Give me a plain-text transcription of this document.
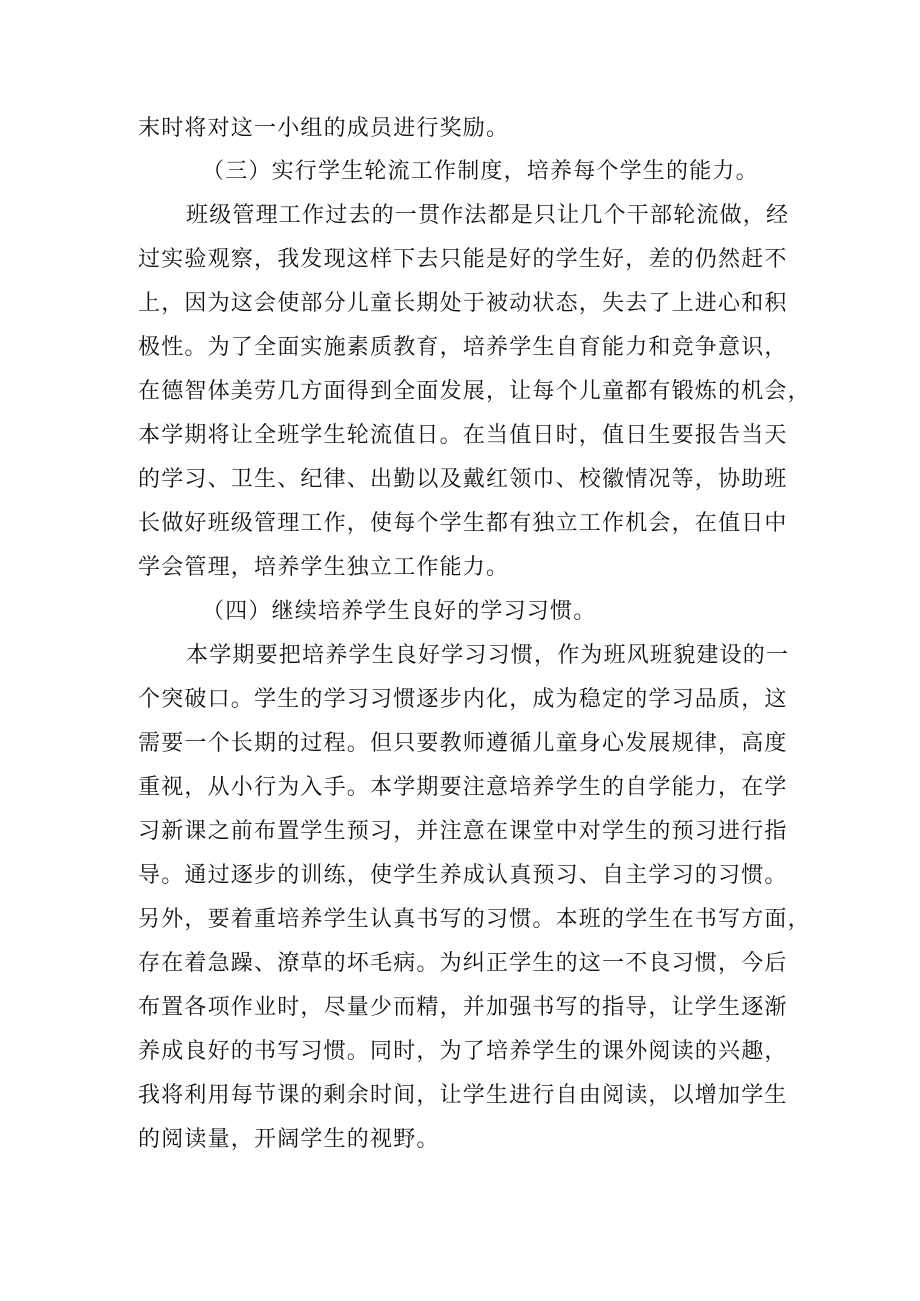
末时将对这一小组的成员进行奖励。
（三）实行学生轮流工作制度，培养每个学生的能力。
班级管理工作过去的一贯作法都是只让几个干部轮流做，经
过实验观察，我发现这样下去只能是好的学生好，差的仍然赶不
上，因为这会使部分儿童长期处于被动状态，失去了上进心和积
极性。为了全面实施素质教育，培养学生自育能力和竞争意识，
在德智体美劳几方面得到全面发展，让每个儿童都有锻炼的机会，
本学期将让全班学生轮流值日。在当值日时，值日生要报告当天
的学习、卫生、纪律、出勤以及戴红领巾、校徽情况等，协助班
长做好班级管理工作，使每个学生都有独立工作机会，在值日中
学会管理，培养学生独立工作能力。
（四）继续培养学生良好的学习习惯。
本学期要把培养学生良好学习习惯，作为班风班貌建设的一
个突破口。学生的学习习惯逐步内化，成为稳定的学习品质，这
需要一个长期的过程。但只要教师遵循儿童身心发展规律，高度
重视，从小行为入手。本学期要注意培养学生的自学能力，在学
习新课之前布置学生预习，并注意在课堂中对学生的预习进行指
导。通过逐步的训练，使学生养成认真预习、自主学习的习惯。
另外，要着重培养学生认真书写的习惯。本班的学生在书写方面，
存在着急躁、潦草的坏毛病。为纠正学生的这一不良习惯，今后
布置各项作业时，尽量少而精，并加强书写的指导，让学生逐渐
养成良好的书写习惯。同时，为了培养学生的课外阅读的兴趣，
我将利用每节课的剩余时间，让学生进行自由阅读，以增加学生
的阅读量，开阔学生的视野。
